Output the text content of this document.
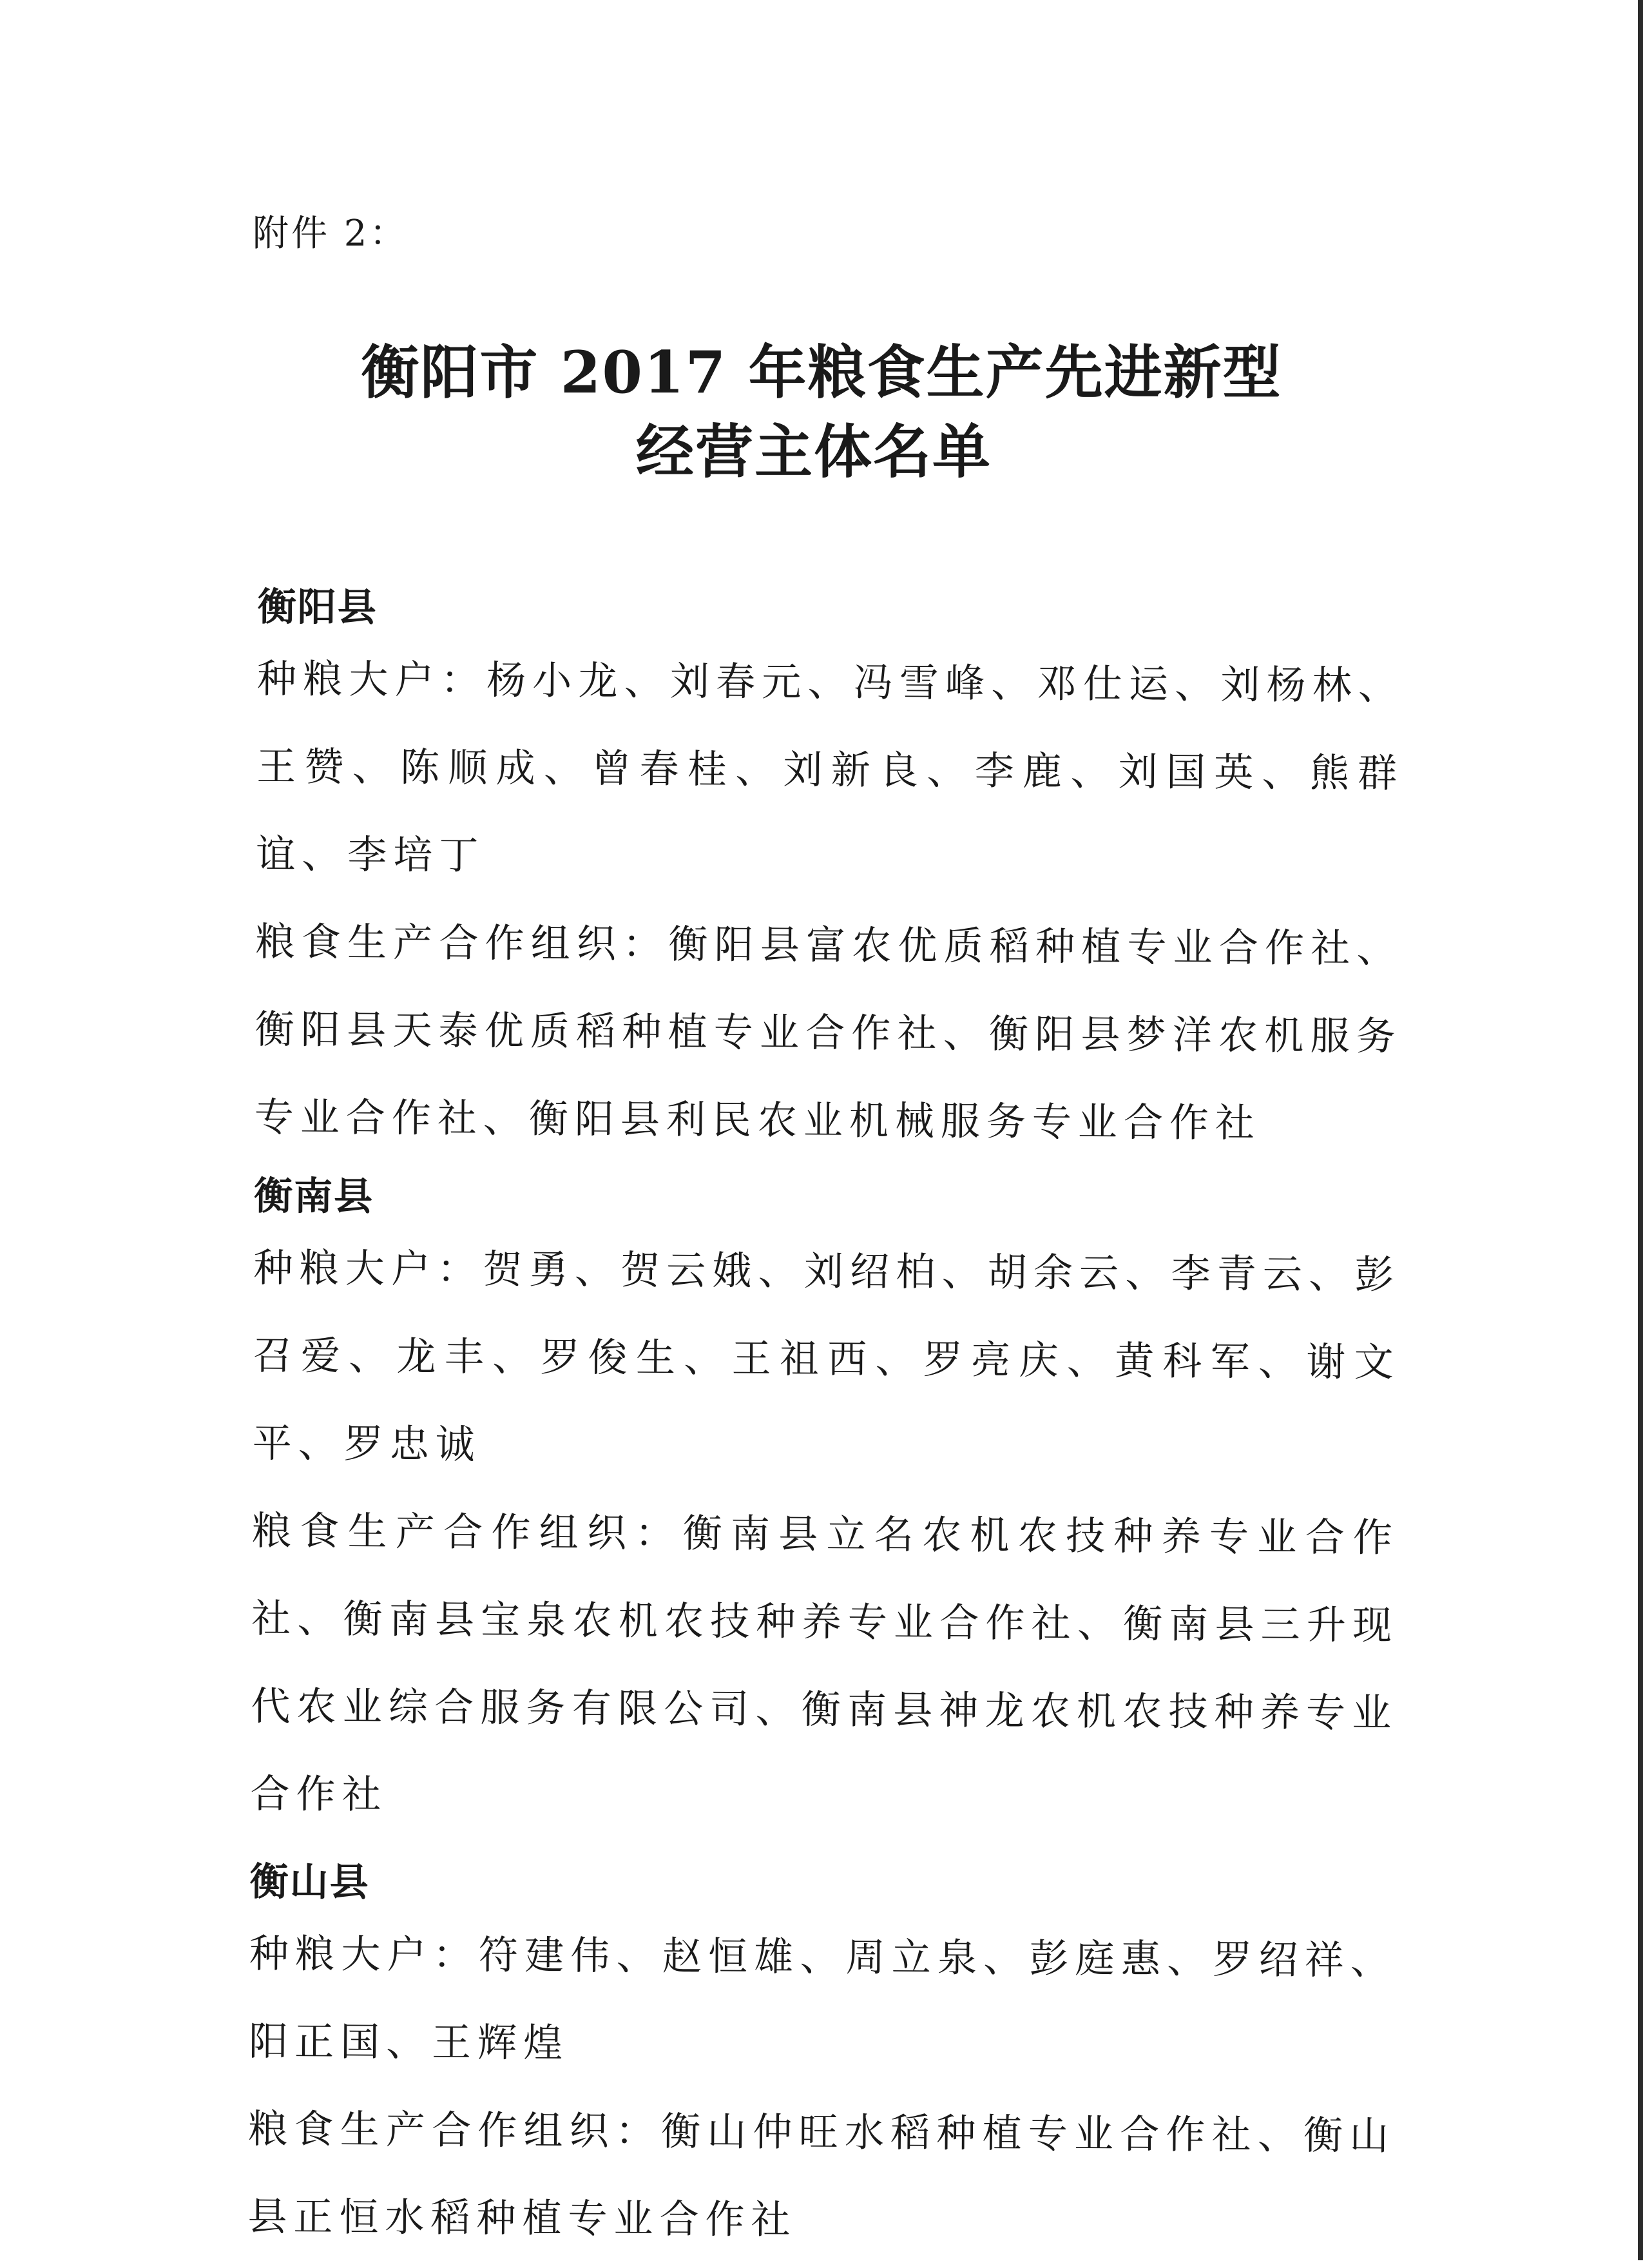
附件 2：
衡阳市 2017 年粮食生产先进新型
经营主体名单
衡阳县

种粮大户：杨小龙、刘春元、冯雪峰、邓仕运、刘杨林、王赞、陈顺成、曾春桂、刘新良、李鹿、刘国英、熊群谊、李培丁

粮食生产合作组织：衡阳县富农优质稻种植专业合作社、衡阳县天泰优质稻种植专业合作社、衡阳县梦洋农机服务专业合作社、衡阳县利民农业机械服务专业合作社

衡南县

种粮大户：贺勇、贺云娥、刘绍柏、胡余云、李青云、彭召爱、龙丰、罗俊生、王祖西、罗亮庆、黄科军、谢文平、罗忠诚

粮食生产合作组织：衡南县立名农机农技种养专业合作社、衡南县宝泉农机农技种养专业合作社、衡南县三升现代农业综合服务有限公司、衡南县神龙农机农技种养专业合作社

衡山县

种粮大户：符建伟、赵恒雄、周立泉、彭庭惠、罗绍祥、阳正国、王辉煌

粮食生产合作组织：衡山仲旺水稻种植专业合作社、衡山县正恒水稻种植专业合作社
